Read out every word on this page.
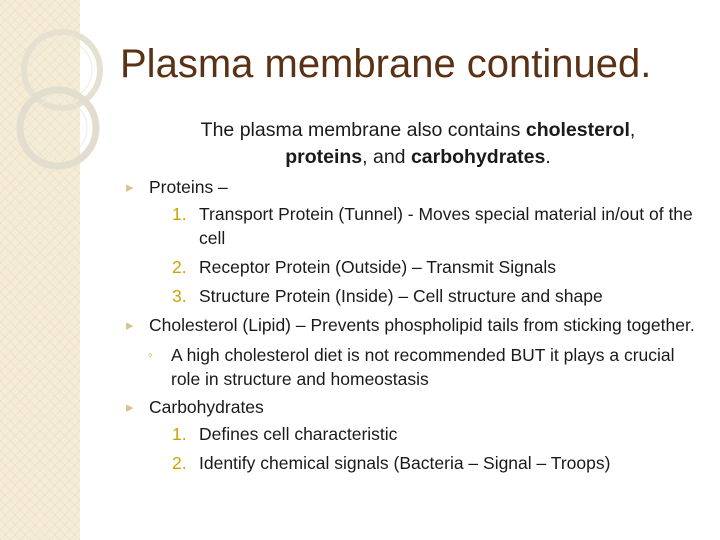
Plasma membrane continued.
The plasma membrane also contains cholesterol,
proteins, and carbohydrates.
▸ Proteins –
1. Transport Protein (Tunnel) - Moves special material in/out of the cell
2. Receptor Protein (Outside) – Transmit Signals
3. Structure Protein (Inside) – Cell structure and shape
▸ Cholesterol (Lipid) – Prevents phospholipid tails from sticking together.
◦ A high cholesterol diet is not recommended BUT it plays a crucial role in structure and homeostasis
▸ Carbohydrates
1. Defines cell characteristic
2. Identify chemical signals (Bacteria – Signal – Troops)
